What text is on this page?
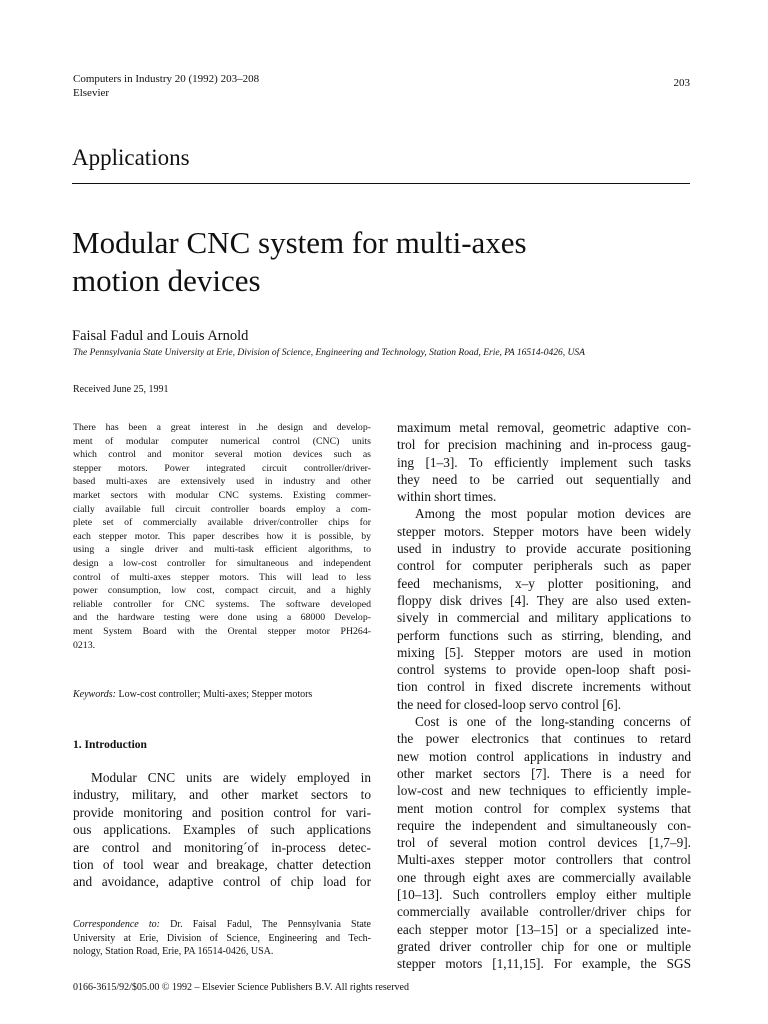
Computers in Industry 20 (1992) 203–208
Elsevier
203
Applications
Modular CNC system for multi-axes
motion devices
Faisal Fadul and Louis Arnold
The Pennsylvania State University at Erie, Division of Science, Engineering and Technology, Station Road, Erie, PA 16514-0426, USA
Received June 25, 1991
There has been a great interest in .he design and develop-
ment of modular computer numerical control (CNC) units
which control and monitor several motion devices such as
stepper motors. Power integrated circuit controller/driver-
based multi-axes are extensively used in industry and other
market sectors with modular CNC systems. Existing commer-
cially available full circuit controller boards employ a com-
plete set of commercially available driver/controller chips for
each stepper motor. This paper describes how it is possible, by
using a single driver and multi-task efficient algorithms, to
design a low-cost controller for simultaneous and independent
control of multi-axes stepper motors. This will lead to less
power consumption, low cost, compact circuit, and a highly
reliable controller for CNC systems. The software developed
and the hardware testing were done using a 68000 Develop-
ment System Board with the Orental stepper motor PH264-
0213.
Keywords: Low-cost controller; Multi-axes; Stepper motors
1. Introduction
Modular CNC units are widely employed in
industry, military, and other market sectors to
provide monitoring and position control for vari-
ous applications. Examples of such applications
are control and monitoring´of in-process detec-
tion of tool wear and breakage, chatter detection
and avoidance, adaptive control of chip load for
Correspondence to: Dr. Faisal Fadul, The Pennsylvania State
University at Erie, Division of Science, Engineering and Tech-
nology, Station Road, Erie, PA 16514-0426, USA.
maximum metal removal, geometric adaptive con-
trol for precision machining and in-process gaug-
ing [1–3]. To efficiently implement such tasks
they need to be carried out sequentially and
within short times.
Among the most popular motion devices are
stepper motors. Stepper motors have been widely
used in industry to provide accurate positioning
control for computer peripherals such as paper
feed mechanisms, x–y plotter positioning, and
floppy disk drives [4]. They are also used exten-
sively in commercial and military applications to
perform functions such as stirring, blending, and
mixing [5]. Stepper motors are used in motion
control systems to provide open-loop shaft posi-
tion control in fixed discrete increments without
the need for closed-loop servo control [6].
Cost is one of the long-standing concerns of
the power electronics that continues to retard
new motion control applications in industry and
other market sectors [7]. There is a need for
low-cost and new techniques to efficiently imple-
ment motion control for complex systems that
require the independent and simultaneously con-
trol of several motion control devices [1,7–9].
Multi-axes stepper motor controllers that control
one through eight axes are commercially available
[10–13]. Such controllers employ either multiple
commercially available controller/driver chips for
each stepper motor [13–15] or a specialized inte-
grated driver controller chip for one or multiple
stepper motors [1,11,15]. For example, the SGS
0166-3615/92/$05.00 © 1992 – Elsevier Science Publishers B.V. All rights reserved
